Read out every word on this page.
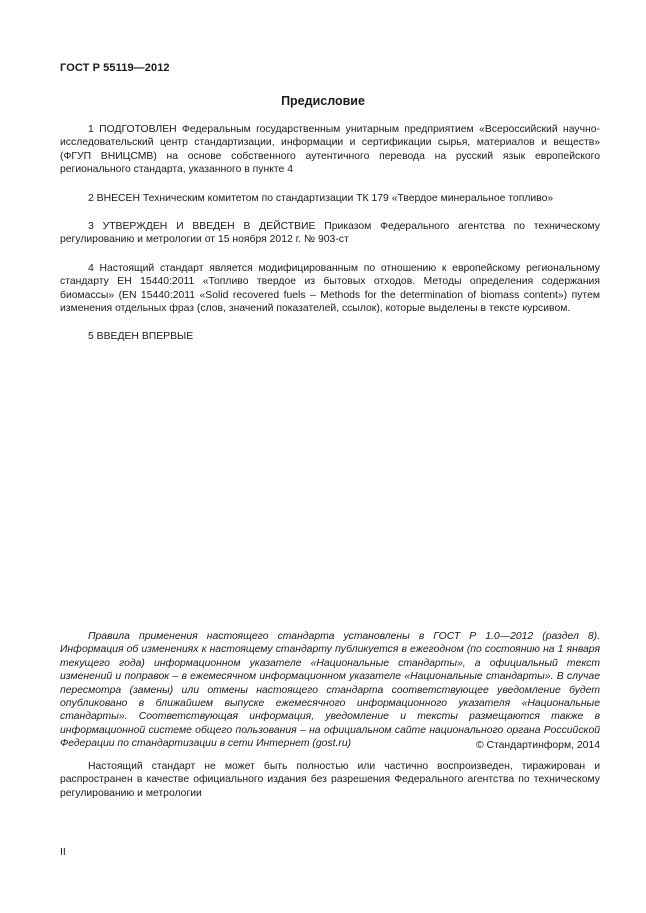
ГОСТ Р 55119—2012
Предисловие

1 ПОДГОТОВЛЕН Федеральным государственным унитарным предприятием «Всероссийский научно-исследовательский центр стандартизации, информации и сертификации сырья, материалов и веществ» (ФГУП ВНИЦСМВ) на основе собственного аутентичного перевода на русский язык европейского регионального стандарта, указанного в пункте 4

2 ВНЕСЕН Техническим комитетом по стандартизации ТК 179 «Твердое минеральное топливо»

3 УТВЕРЖДЕН И ВВЕДЕН В ДЕЙСТВИЕ Приказом Федерального агентства по техническому регулированию и метрологии от 15 ноября 2012 г. № 903-ст

4 Настоящий стандарт является модифицированным по отношению к европейскому региональному стандарту ЕН 15440:2011 «Топливо твердое из бытовых отходов. Методы определения содержания биомассы» (EN 15440:2011 «Solid recovered fuels – Methods for the determination of biomass content») путем изменения отдельных фраз (слов, значений показателей, ссылок), которые выделены в тексте курсивом.

5 ВВЕДЕН ВПЕРВЫЕ

Правила применения настоящего стандарта установлены в ГОСТ Р 1.0—2012 (раздел 8). Информация об изменениях к настоящему стандарту публикуется в ежегодном (по состоянию на 1 января текущего года) информационном указателе «Национальные стандарты», а официальный текст изменений и поправок – в ежемесячном информационном указателе «Национальные стандарты». В случае пересмотра (замены) или отмены настоящего стандарта соответствующее уведомление будет опубликовано в ближайшем выпуске ежемесячного информационного указателя «Национальные стандарты». Соответствующая информация, уведомление и тексты размещаются также в информационной системе общего пользования – на официальном сайте национального органа Российской Федерации по стандартизации в сети Интернет (gost.ru)	© Стандартинформ, 2014
Настоящий стандарт не может быть полностью или частично воспроизведен, тиражирован и распространен в качестве официального издания без разрешения Федерального агентства по техническому регулированию и метрологии
II
